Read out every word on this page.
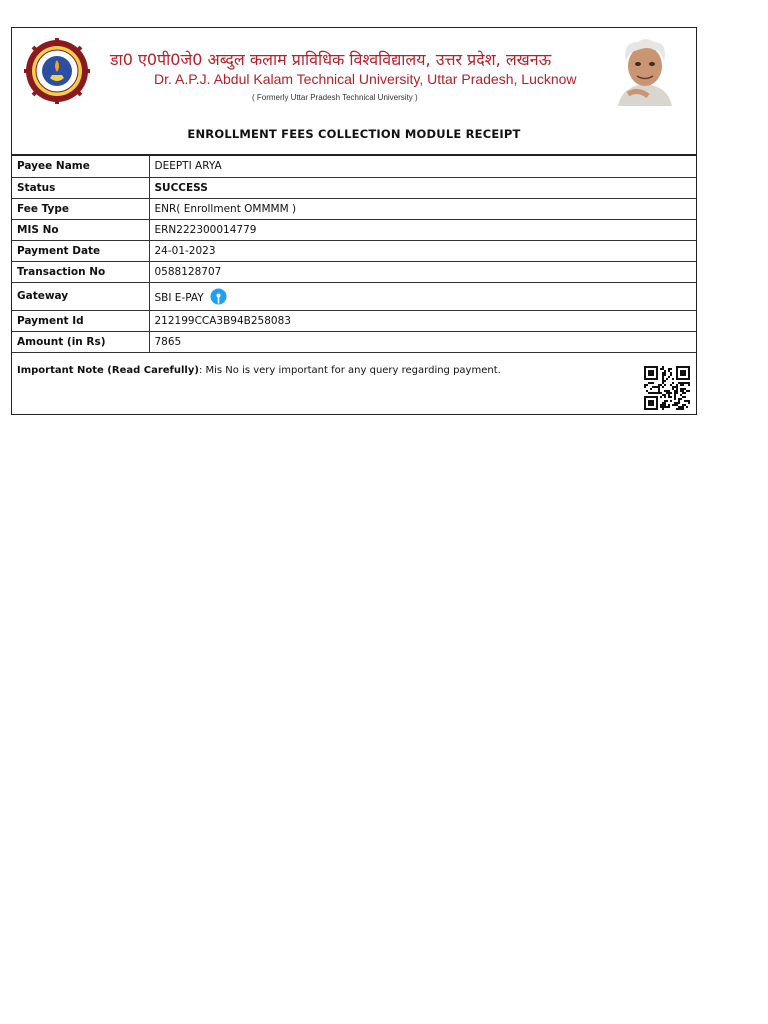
डा0 ए0पी0जे0 अब्दुल कलाम प्राविधिक विश्वविद्यालय, उत्तर प्रदेश, लखनऊ
Dr. A.P.J. Abdul Kalam Technical University, Uttar Pradesh, Lucknow
( Formerly Uttar Pradesh Technical University )
ENROLLMENT FEES COLLECTION MODULE RECEIPT
Payee Name	DEEPTI ARYA
Status	SUCCESS
Fee Type	ENR( Enrollment OMMMM )
MIS No	ERN222300014779
Payment Date	24-01-2023
Transaction No	0588128707
Gateway	SBI E-PAY

Payment Id	212199CCA3B94B258083
Amount (in Rs)	7865
Important Note (Read Carefully): Mis No is very important for any query regarding payment.
